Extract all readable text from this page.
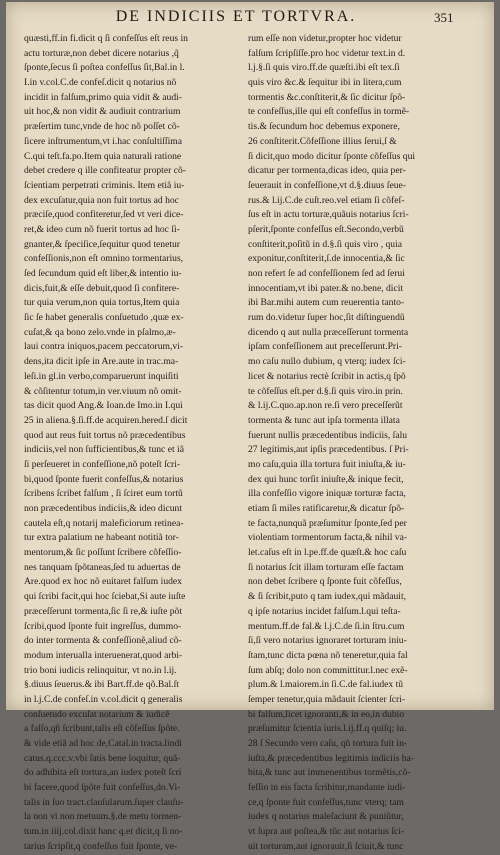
DE INDICIIS ET TORTVRA.	351
quæsti,ff.in fi.dicit q ſi confeſſus eſt reus in
actu torturæ,non debet dicere notarius ,q̃
ſponte,ſecus ſi poſtea confeſſus ſit,Bal.in l.
I.in v.col.C.de confeſ.dicit q notarius nõ
incidit in falſum,primo quia vidit & audi-
uit hoc,& non vidit & audiuit contrarium
præſertim tunc,vnde de hoc nõ poſſet cõ-
ſicere inſtrumentum,vt i.hac conſultiſſima
C.qui teſt.fa.po.Item quia naturali ratione
debet credere q ille confiteatur propter cõ-
ſcientiam perpetrati criminis. Item etiã iu-
dex excuſatur,quia non fuit tortus ad hoc
præciſe,quod confiteretur,ſed vt veri dice-
ret,& ideo cum nõ fuerit tortus ad hoc ſi-
gnanter,& ſpeciſice,ſequitur quod tenetur
confeſſionis,non eſt omnino tormentarius,
ſed ſecundum quid eſt liber,& intentio iu-
dicis,fuit,& eſſe debuit,quod ſi confitere-
tur quia verum,non quia tortus,Item quia
ſic ſe habet generalis conſuetudo ,quæ ex-
cuſat,& qa bono zelo.vnde in pſalmo,æ-
laui contra iniquos,pacem peccatorum,vi-
dens,ita dicit ipſe in Are.aute in trac.ma-
leſi.in gl.in verbo,comparuerunt inquiſiti
& cõſitentur totum,in ver.viuum nõ omit-
tas dicit quod Ang.& Ioan.de Imo.in I.qui
25 in aliena.§.ſi.ff.de acquiren.hered.ſ dicit
quod aut reus fuit tortus nõ præcedentibus
indiciis,vel non ſufficientibus,& tunc et iã
ſi perſeueret in confeſſione,nõ poteſt ſcri-
bi,quod ſponte fuerit confeſſus,& notarius
ſcribens ſcribet falſum , ſi ſciret eum tortũ
non præcedentibus indiciis,& ideo dicunt
cautela eſt,q notarij maleficiorum retinea-
tur extra palatium ne habeant notitiã tor-
mentorum,& ſic poſſunt ſcribere cõfeſſio-
nes tanquam ſpõtaneas,ſed tu aduertas de
Are.quod ex hoc nõ euitaret falſum iudex
qui ſcribi facit,qui hoc ſciebat,Si aute iuſte
præceſſerunt tormenta,ſic ſi re,& iuſte põt
ſcribi,quod ſponte fuit ingreſſus, dummo-
do inter tormenta & confeſſionẽ,aliud cõ-
modum interualla interuenerat,quod arbi-
trio boni iudicis relinquitur, vt no.in l.ij.
§.diuus ſeuerus.& ibi Bart.ff.de qõ.Bal.ſt
in l.j.C.de confeſ.in v.col.dicit q generalis
conſuetudo excuſat notarium & iudicẽ
a falſo,qñ ſcribunt,talis eſt cõfeſſus ſpõte.
& vide etiã ad hoc de,Catal.in tracta.lindi
catus.q.ccc.v.vbi ſatis bene loquitur, quã-
do adhibita eſt tortura,an iudex poteſt ſcri
bi facere,quod ſpõte fuit confeſſus,do.Vi-
talis in ſuo tract.clauſularum.ſuper clauſu-
la non vi non metuum.§.de metu tormen-
tum.in iiij.col.dixit hanc q.et dicit,q ſi no-
tarius ſcripſit,q confeſſus fuit ſponte, ve-
rum eſſe non videtur,propter hoc videtur
falſum ſcripſiſſe.pro hoc videtur text.in d.
l.j.§.ſi quis viro.ff.de quæſti.ibi eſt tex.ſi
quis viro &c.& ſequitur ibi in litera,cum
tormentis &c.conſtiterit,& ſic dicitur ſpõ-
te confeſſus,ille qui eſt confeſſus in tormẽ-
tis.& ſecundum hoc debemus exponere,
26 conſtiterit.Cõfeſſione illius ſerui,ſ &
ſi dicit,quo modo dicitur ſponte cõfeſſus qui
dicatur per tormenta,dicas ideo, quia per-
ſeuerauit in confeſſione,vt d.§.diuus ſeue-
rus.& l.ij.C.de cuſt.reo.vel etiam ſi cõfeſ-
ſus eſt in actu torturæ,quãuis notarius ſcri-
pſerit,ſponte confeſſus eſt.Secondo,verbũ
conſtiterit,poſitũ in d.§.ſi quis viro , quia
exponitur,conſtiterit,ſ.de innocentia,& ſic
non refert ſe ad confeſſionem ſed ad ſerui
innocentiam,vt ibi pater.& no.bene, dicit
ibi Bar.mihi autem cum reuerentia tanto-
rum do.videtur ſuper hoc,ſit diſtinguendũ
dicendo q aut nulla præceſſerunt tormenta
ipſam confeſſionem aut preceſſerunt.Pri-
mo caſu nullo dubium, q vterq; iudex ſci-
licet & notarius rectè ſcribit in actis,q ſpõ
te cõfeſſus eſt.per d.§.ſi quis viro.in prin.
& l.ij.C.quo.ap.non re.ſi vero preceſſerũt
tormenta & tunc aut ipſa tormenta illata
fuerunt nullis præcedentibus indiciis, ſalu
27 legitimis,aut ipſis præcedentibus. ſ Pri-
mo caſu,quia illa tortura fuit iniuſta,& iu-
dex qui hunc torſit iniuſte,& inique fecit,
illa confeſſio vigore iniquæ torturæ facta,
etiam ſi miles ratificaretur,& dicatur ſpõ-
te facta,nunquã præſumitur ſponte,ſed per
violentiam tormentorum facta,& nihil va-
let.caſus eſt in l.pe.ff.de quæſt.& hoc caſu
ſi notarius ſcit illam torturam eſſe factam
non debet ſcribere q ſponte fuit cõfeſſus,
& ſi ſcribit,puto q tam iudex,qui mãdauit,
q ipſe notarius incidet falſum.l.qui teſta-
mentum.ff.de fal.& l.j.C.de ſi.in ſtru.cum
ſi,ſi vero notarius ignoraret torturam iniu-
ſtam,tunc dicta pœna nõ teneretur,quia fal
ſum abſq; dolo non committitur.l.nec exẽ-
plum.& l.maiorem.in ſi.C.de fal.iudex tũ
ſemper tenetur,quia mãdauit ſcienter ſcri-
bi falſum,licet ignoranti,& in eo,in dubio
præſumitur ſcientia iuris.l.ij.ff.q quiſq; iu.
28 ſ Secundo vero caſu, qñ tortura fuit in-
iuſta,& præcedentibus legitimis indiciis ha-
bita,& tunc aut immenentibus tormẽtis,cõ-
feſſio in eis facta ſcribitur,mandante iudi-
ce,q ſponte fuit confeſſus,tunc vterq; tam
iudex q notarius maleſaciunt & puniũtur,
vt ſupra aut poſtea,& tũc aut notarius ſci-
uit torturam,aut ignorauit,ſi ſciuit,& tunc
